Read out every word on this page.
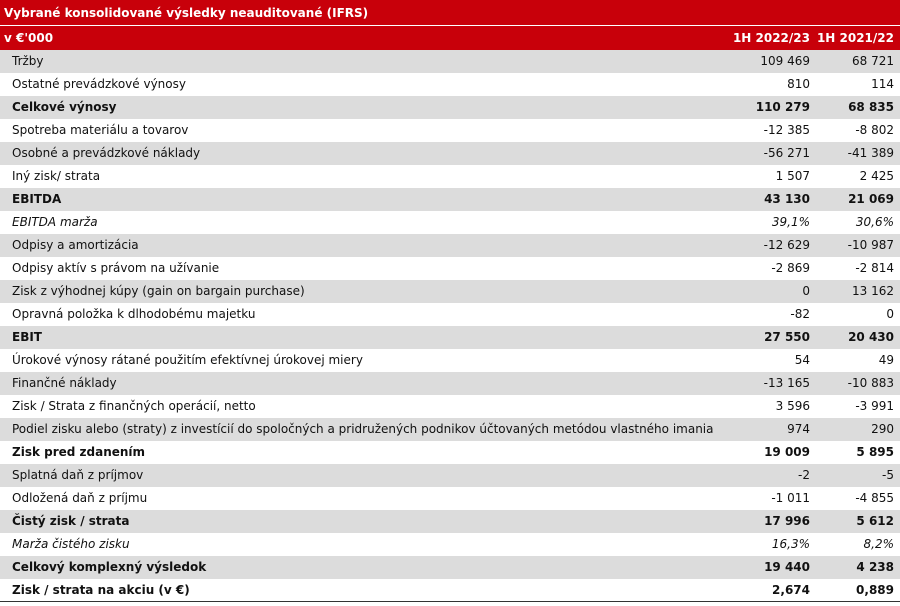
Vybrané konsolidované výsledky neauditované (IFRS)
v €'000	1H 2022/23 1H 2021/22
Tržby	109 469	68 721
Ostatné prevádzkové výnosy	810	114
Celkové výnosy	110 279	68 835
Spotreba materiálu a tovarov	-12 385	-8 802
Osobné a prevádzkové náklady	-56 271	-41 389
Iný zisk/ strata	1 507	2 425
EBITDA	43 130	21 069
EBITDA marža	39,1%	30,6%
Odpisy a amortizácia	-12 629	-10 987
Odpisy aktív s právom na užívanie	-2 869	-2 814
Zisk z výhodnej kúpy (gain on bargain purchase)	0	13 162
Opravná položka k dlhodobému majetku	-82	0
EBIT	27 550	20 430
Úrokové výnosy rátané použitím efektívnej úrokovej miery	54	49
Finančné náklady	-13 165	-10 883
Zisk / Strata z finančných operácií, netto	3 596	-3 991
Podiel zisku alebo (straty) z investícií do spoločných a pridružených podnikov účtovaných metódou vlastného imania	974	290
Zisk pred zdanením	19 009	5 895
Splatná daň z príjmov	-2	-5
Odložená daň z príjmu	-1 011	-4 855
Čistý zisk / strata	17 996	5 612
Marža čistého zisku	16,3%	8,2%
Celkový komplexný výsledok	19 440	4 238
Zisk / strata na akciu (v €)	2,674	0,889
